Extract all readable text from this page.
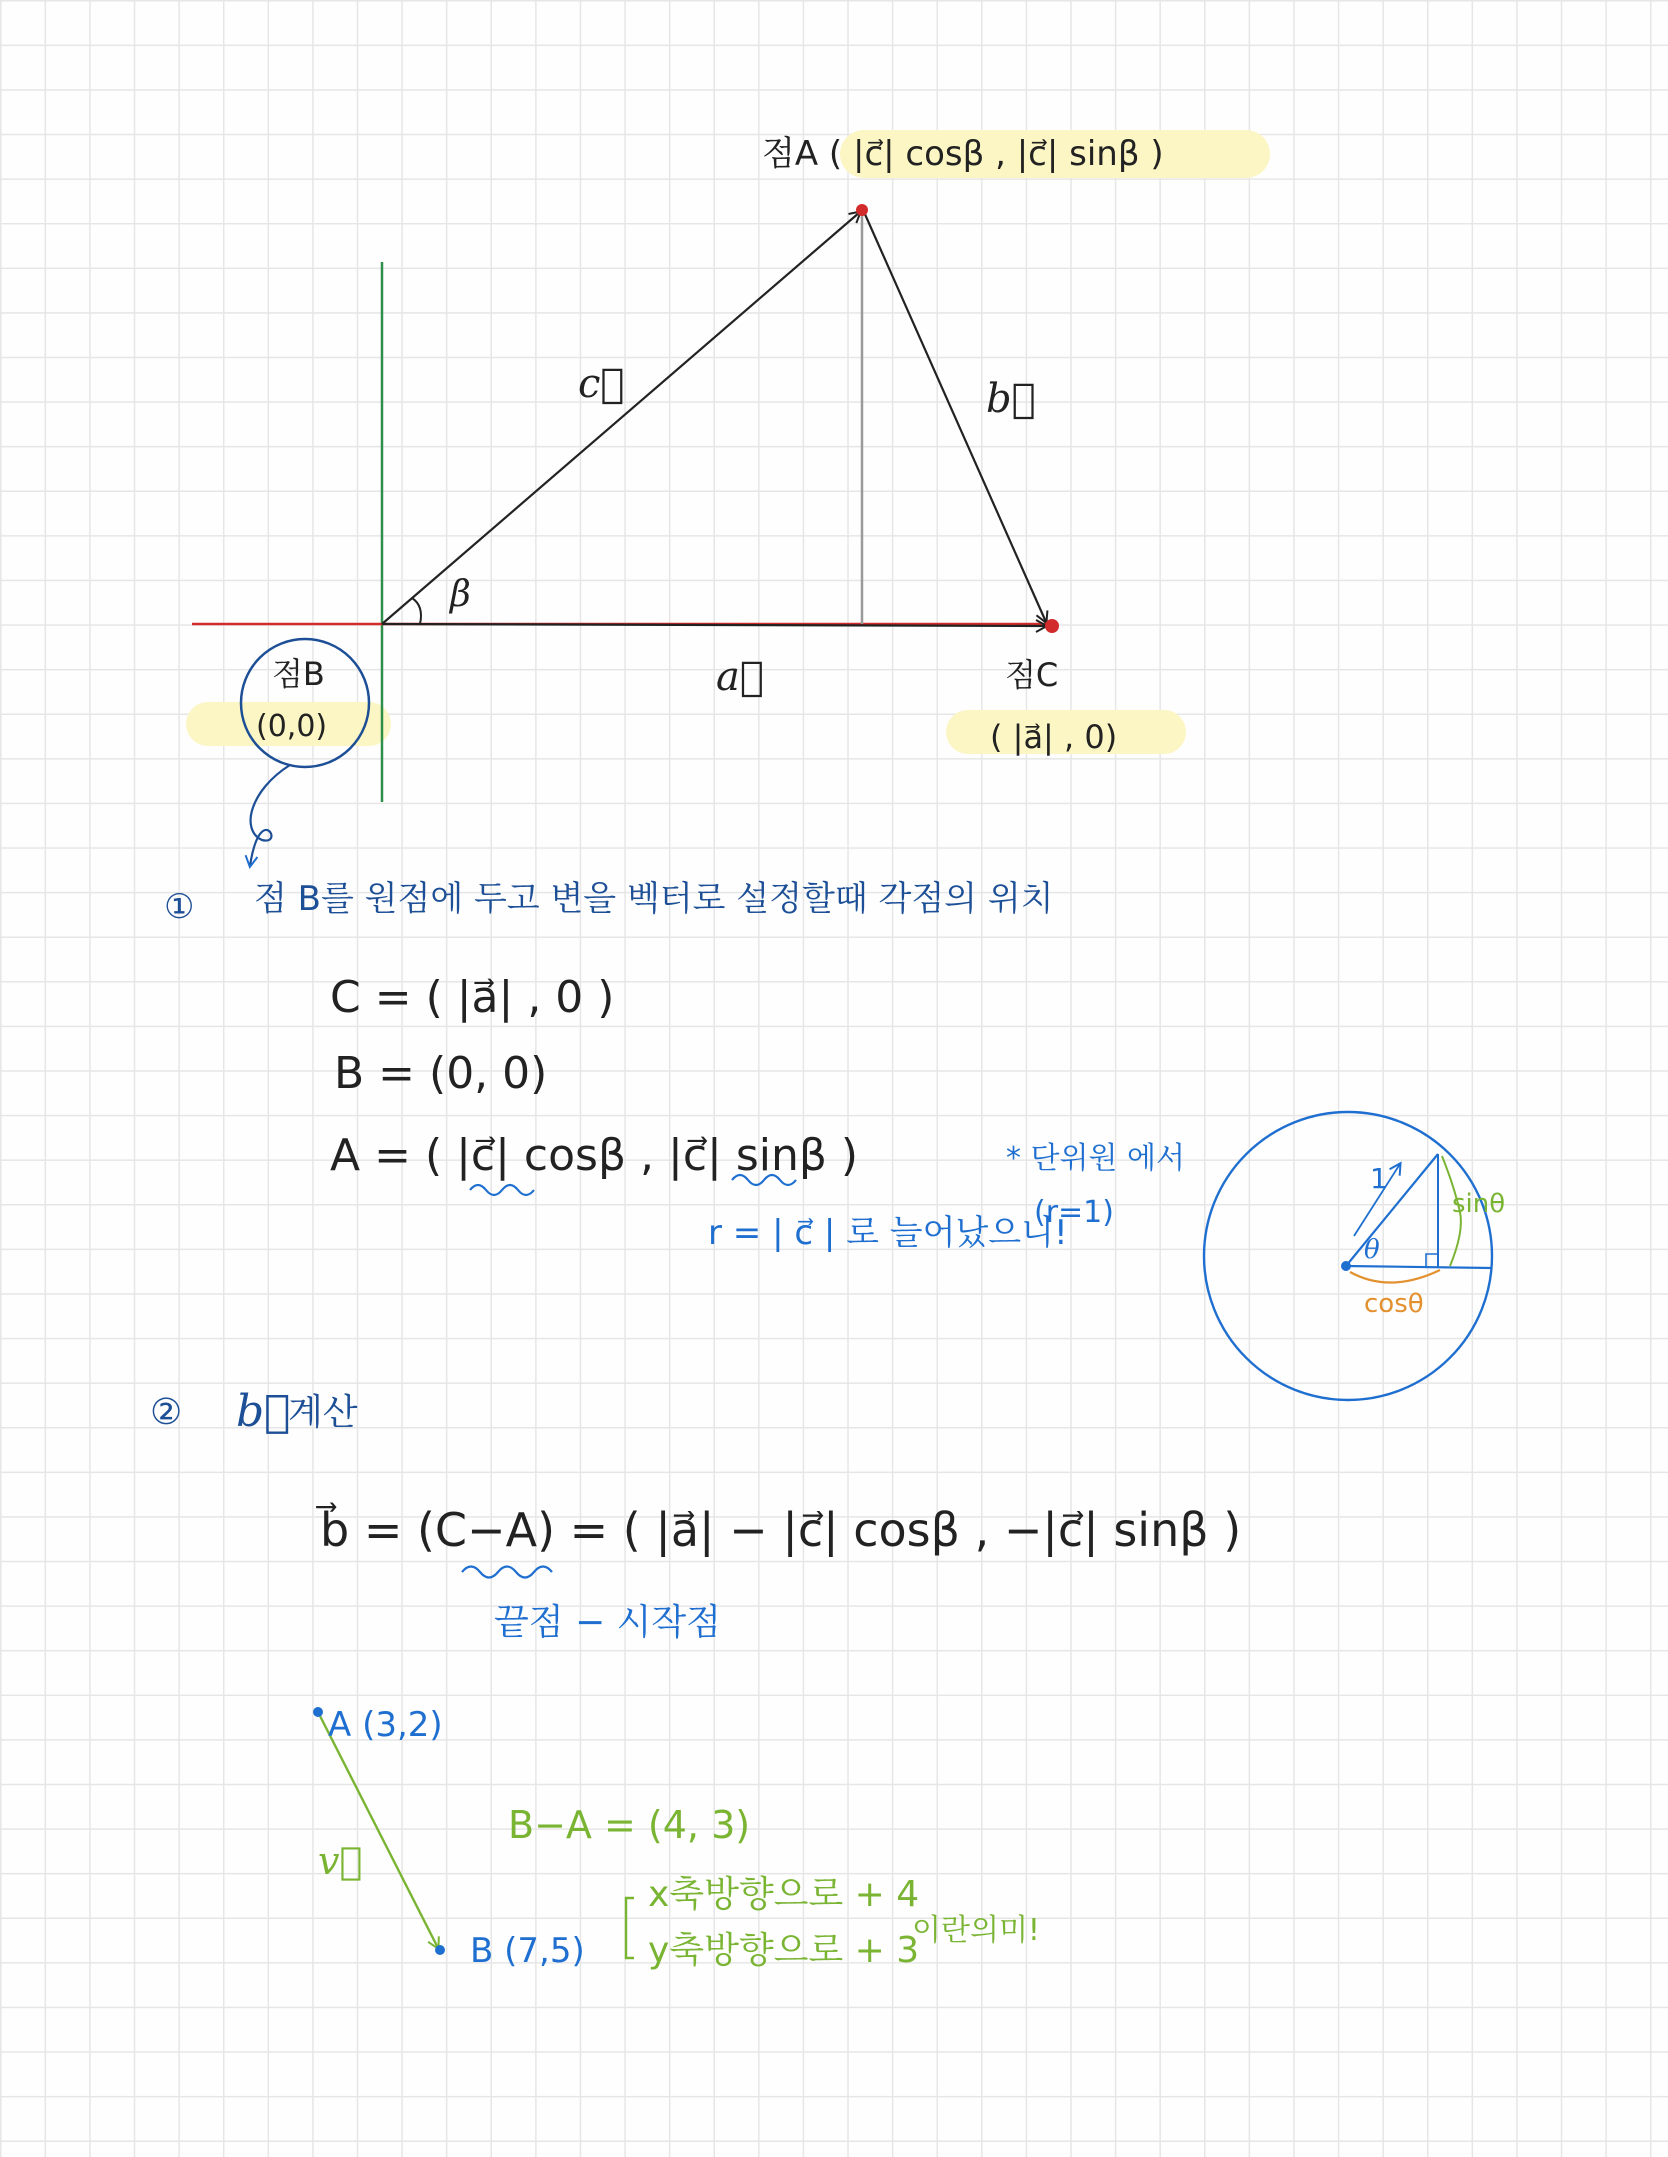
점A ( |c⃗| cosβ , |c⃗| sinβ )
c⃗	b⃗
β
a⃗
점B
(0,0)
점C
( |a⃗| , 0)
① 점 B를 원점에 두고 변을 벡터로 설정할때 각점의 위치
C = ( |a⃗| , 0 )
B = (0, 0)
A = ( |c⃗| cosβ , |c⃗| sinβ )
r = | c⃗ | 로 늘어났으니!
* 단위원 에서
(r=1)
1
θ
sinθ
cosθ
② b⃗
계산
b⃗ = (C−A) = ( |a⃗| − |c⃗| cosβ , −|c⃗| sinβ )
끝점 − 시작점
A (3,2)
B (7,5)
v⃗
B−A = (4, 3)
x축방향으로 + 4
y축방향으로 + 3
이란의미!
